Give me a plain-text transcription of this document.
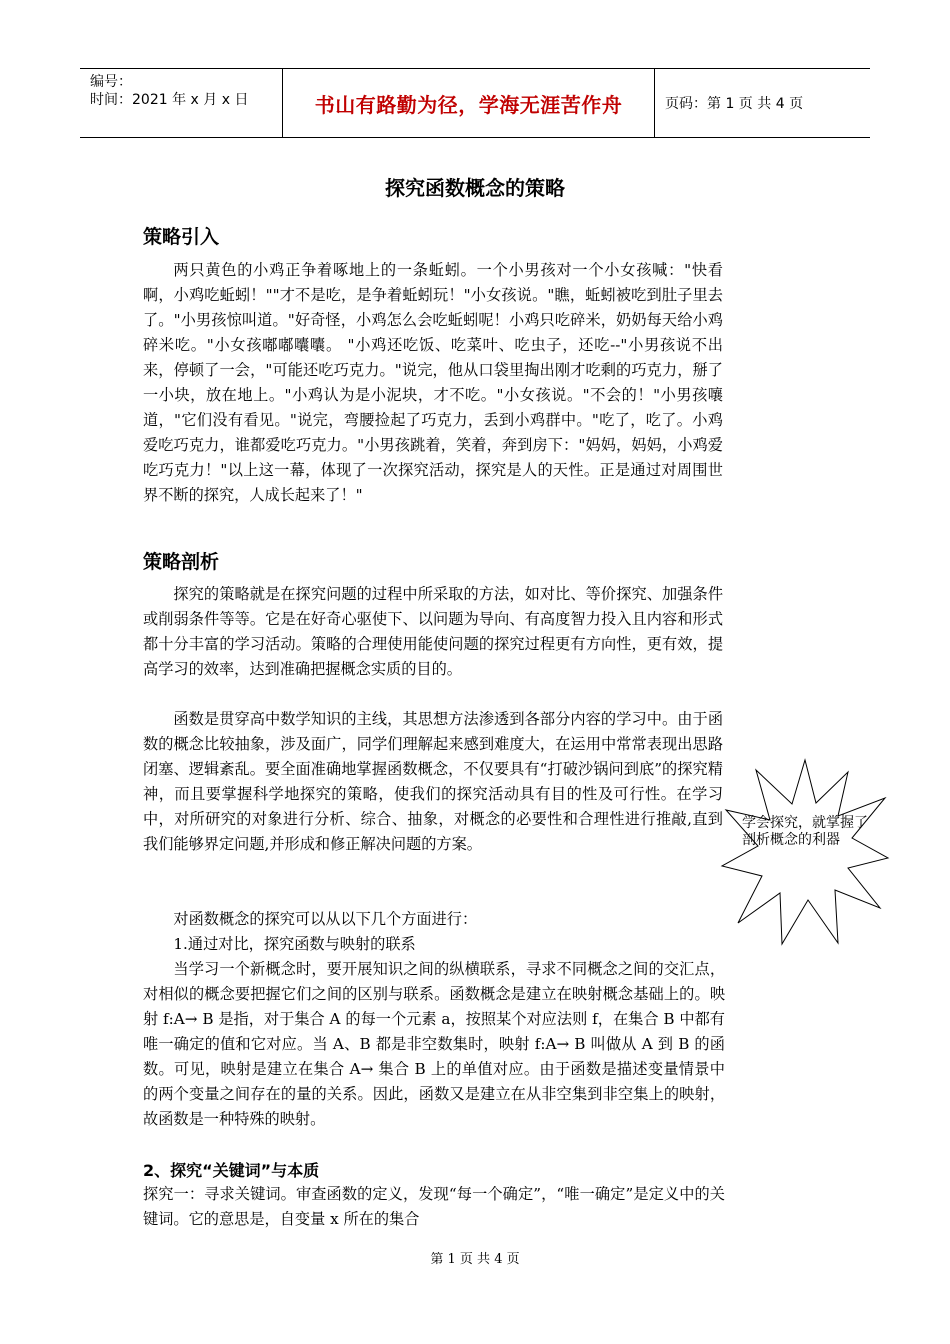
编号：
时间：2021 年 x 月 x 日	书山有路勤为径，学海无涯苦作舟	页码：第 1 页 共 4 页
探究函数概念的策略
策略引入
两只黄色的小鸡正争着啄地上的一条蚯蚓。一个小男孩对一个小女孩喊："快看啊，小鸡吃蚯蚓！""才不是吃，是争着蚯蚓玩！"小女孩说。"瞧，蚯蚓被吃到肚子里去了。"小男孩惊叫道。"好奇怪，小鸡怎么会吃蚯蚓呢！小鸡只吃碎米，奶奶每天给小鸡碎米吃。"小女孩嘟嘟囔囔。 "小鸡还吃饭、吃菜叶、吃虫子，还吃--"小男孩说不出来，停顿了一会，"可能还吃巧克力。"说完，他从口袋里掏出刚才吃剩的巧克力，掰了一小块，放在地上。"小鸡认为是小泥块，才不吃。"小女孩说。"不会的！"小男孩嚷道，"它们没有看见。"说完，弯腰捡起了巧克力，丢到小鸡群中。"吃了，吃了。小鸡爱吃巧克力，谁都爱吃巧克力。"小男孩跳着，笑着，奔到房下："妈妈，妈妈，小鸡爱吃巧克力！"以上这一幕，体现了一次探究活动，探究是人的天性。正是通过对周围世界不断的探究，人成长起来了！"
策略剖析
探究的策略就是在探究问题的过程中所采取的方法，如对比、等价探究、加强条件或削弱条件等等。它是在好奇心驱使下、以问题为导向、有高度智力投入且内容和形式都十分丰富的学习活动。策略的合理使用能使问题的探究过程更有方向性，更有效，提高学习的效率，达到准确把握概念实质的目的。
函数是贯穿高中数学知识的主线，其思想方法渗透到各部分内容的学习中。由于函数的概念比较抽象，涉及面广，同学们理解起来感到难度大，在运用中常常表现出思路闭塞、逻辑紊乱。要全面准确地掌握函数概念，不仅要具有“打破沙锅问到底”的探究精神，而且要掌握科学地探究的策略，使我们的探究活动具有目的性及可行性。在学习中，对所研究的对象进行分析、综合、抽象，对概念的必要性和合理性进行推敲,直到我们能够界定问题,并形成和修正解决问题的方案。
对函数概念的探究可以从以下几个方面进行：
1.通过对比，探究函数与映射的联系
当学习一个新概念时，要开展知识之间的纵横联系，寻求不同概念之间的交汇点，对相似的概念要把握它们之间的区别与联系。函数概念是建立在映射概念基础上的。映射 f:A→ B 是指，对于集合 A 的每一个元素 a，按照某个对应法则 f，在集合 B 中都有唯一确定的值和它对应。当 A、B 都是非空数集时，映射 f:A→ B 叫做从 A 到 B 的函数。可见，映射是建立在集合 A→ 集合 B 上的单值对应。由于函数是描述变量情景中的两个变量之间存在的量的关系。因此，函数又是建立在从非空集到非空集上的映射，故函数是一种特殊的映射。
2、探究“关键词”与本质
探究一：寻求关键词。审查函数的定义，发现“每一个确定”，“唯一确定”是定义中的关键词。它的意思是，自变量 x 所在的集合
学会探究，就掌握了剖析概念的利器
第 1 页 共 4 页
